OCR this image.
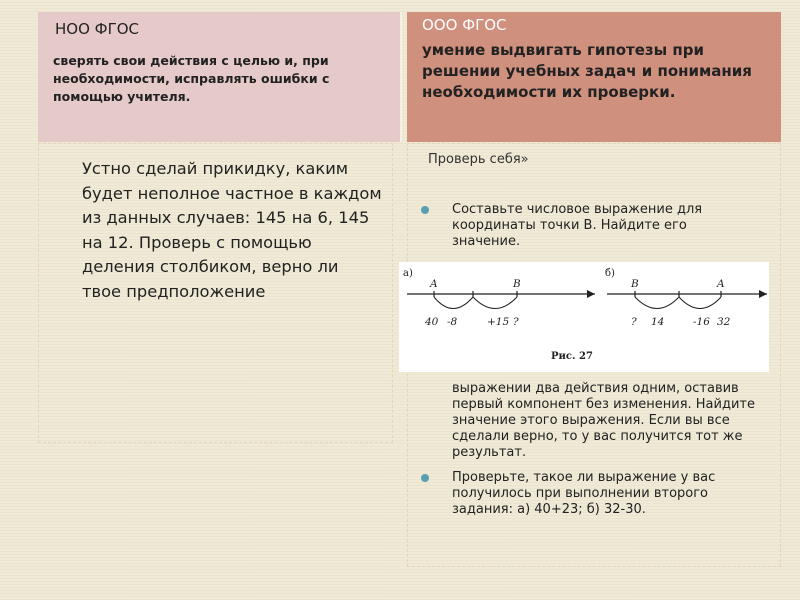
НОО ФГОС
сверять свои действия с целью и, при необходимости, исправлять ошибки с помощью учителя.
ООО ФГОС
умение выдвигать гипотезы при решении учебных задач и понимания необходимости их проверки.
Устно сделай прикидку, каким будет неполное частное в каждом из данных случаев: 145 на 6, 145 на 12. Проверь с помощью деления столбиком, верно ли твое предположение
Проверь себя»
Составьте числовое выражение для координаты точки B. Найдите его значение.
выражении два действия одним, оставив первый компонент без изменения. Найдите значение этого выражения. Если вы все сделали верно, то у вас получится тот же результат.
Проверьте, такое ли выражение у вас получилось при выполнении второго задания: а) 40+23; б) 32-30.
а)
A	B
40 -8	+15 ?
б)
B	A
? 14	-16 32
Рис. 27
